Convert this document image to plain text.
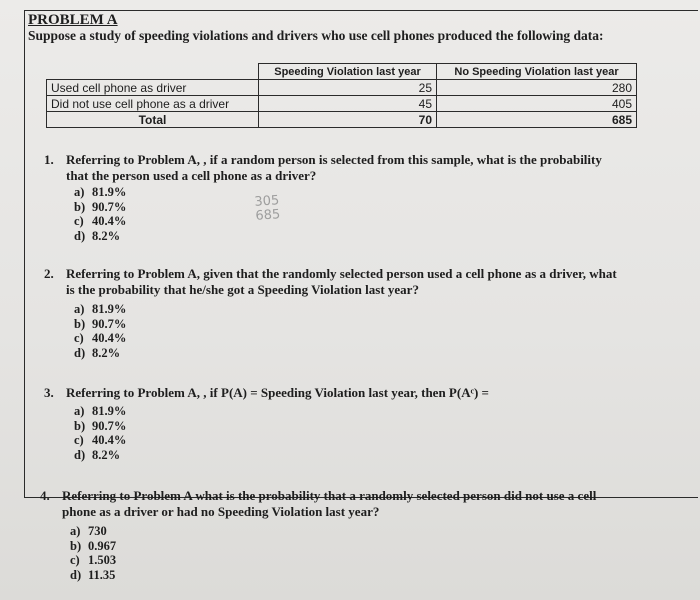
PROBLEM A
Suppose a study of speeding violations and drivers who use cell phones produced the following data:
	Speeding Violation last year	No Speeding Violation last year
Used cell phone as driver	25	280
Did not use cell phone as a driver	45	405
Total	70	685
305
685
1. Referring to Problem A, , if a random person is selected from this sample, what is the probability
that the person used a cell phone as a driver?
a) 81.9%
b) 90.7%
c) 40.4%
d) 8.2%
2. Referring to Problem A, given that the randomly selected person used a cell phone as a driver, what
is the probability that he/she got a Speeding Violation last year?
a) 81.9%
b) 90.7%
c) 40.4%
d) 8.2%
3. Referring to Problem A, , if P(A) = Speeding Violation last year, then P(Aᶜ) =
a) 81.9%
b) 90.7%
c) 40.4%
d) 8.2%
4. Referring to Problem A what is the probability that a randomly selected person did not use a cell
phone as a driver or had no Speeding Violation last year?
a) 730
b) 0.967
c) 1.503
d) 11.35
